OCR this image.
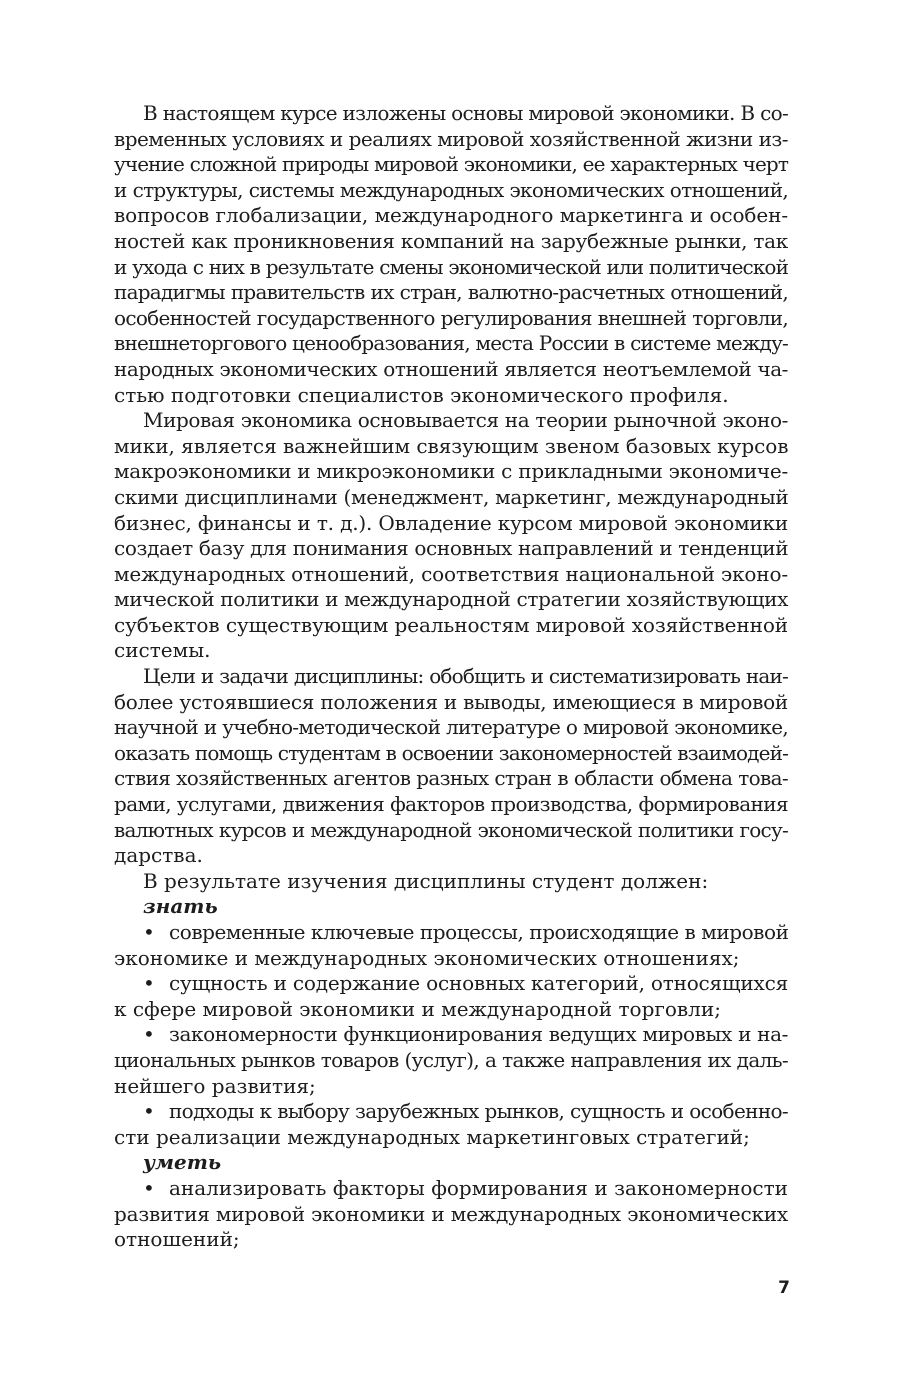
В настоящем курсе изложены основы мировой экономики. В со-
временных условиях и реалиях мировой хозяйственной жизни из-
учение сложной природы мировой экономики, ее характерных черт
и структуры, системы международных экономических отношений,
вопросов глобализации, международного маркетинга и особен-
ностей как проникновения компаний на зарубежные рынки, так
и ухода с них в результате смены экономической или политической
парадигмы правительств их стран, валютно-расчетных отношений,
особенностей государственного регулирования внешней торговли,
внешнеторгового ценообразования, места России в системе между-
народных экономических отношений является неотъемлемой ча-
стью подготовки специалистов экономического профиля.
Мировая экономика основывается на теории рыночной эконо-
мики, является важнейшим связующим звеном базовых курсов
макроэкономики и микроэкономики с прикладными экономиче-
скими дисциплинами (менеджмент, маркетинг, международный
бизнес, финансы и т. д.). Овладение курсом мировой экономики
создает базу для понимания основных направлений и тенденций
международных отношений, соответствия национальной эконо-
мической политики и международной стратегии хозяйствующих
субъектов существующим реальностям мировой хозяйственной
системы.
Цели и задачи дисциплины: обобщить и систематизировать наи-
более устоявшиеся положения и выводы, имеющиеся в мировой
научной и учебно-методической литературе о мировой экономике,
оказать помощь студентам в освоении закономерностей взаимодей-
ствия хозяйственных агентов разных стран в области обмена това-
рами, услугами, движения факторов производства, формирования
валютных курсов и международной экономической политики госу-
дарства.
В результате изучения дисциплины студент должен:
знать
• современные ключевые процессы, происходящие в мировой
экономике и международных экономических отношениях;
• сущность и содержание основных категорий, относящихся
к сфере мировой экономики и международной торговли;
• закономерности функционирования ведущих мировых и на-
циональных рынков товаров (услуг), а также направления их даль-
нейшего развития;
• подходы к выбору зарубежных рынков, сущность и особенно-
сти реализации международных маркетинговых стратегий;
уметь
• анализировать факторы формирования и закономерности
развития мировой экономики и международных экономических
отношений;
7
